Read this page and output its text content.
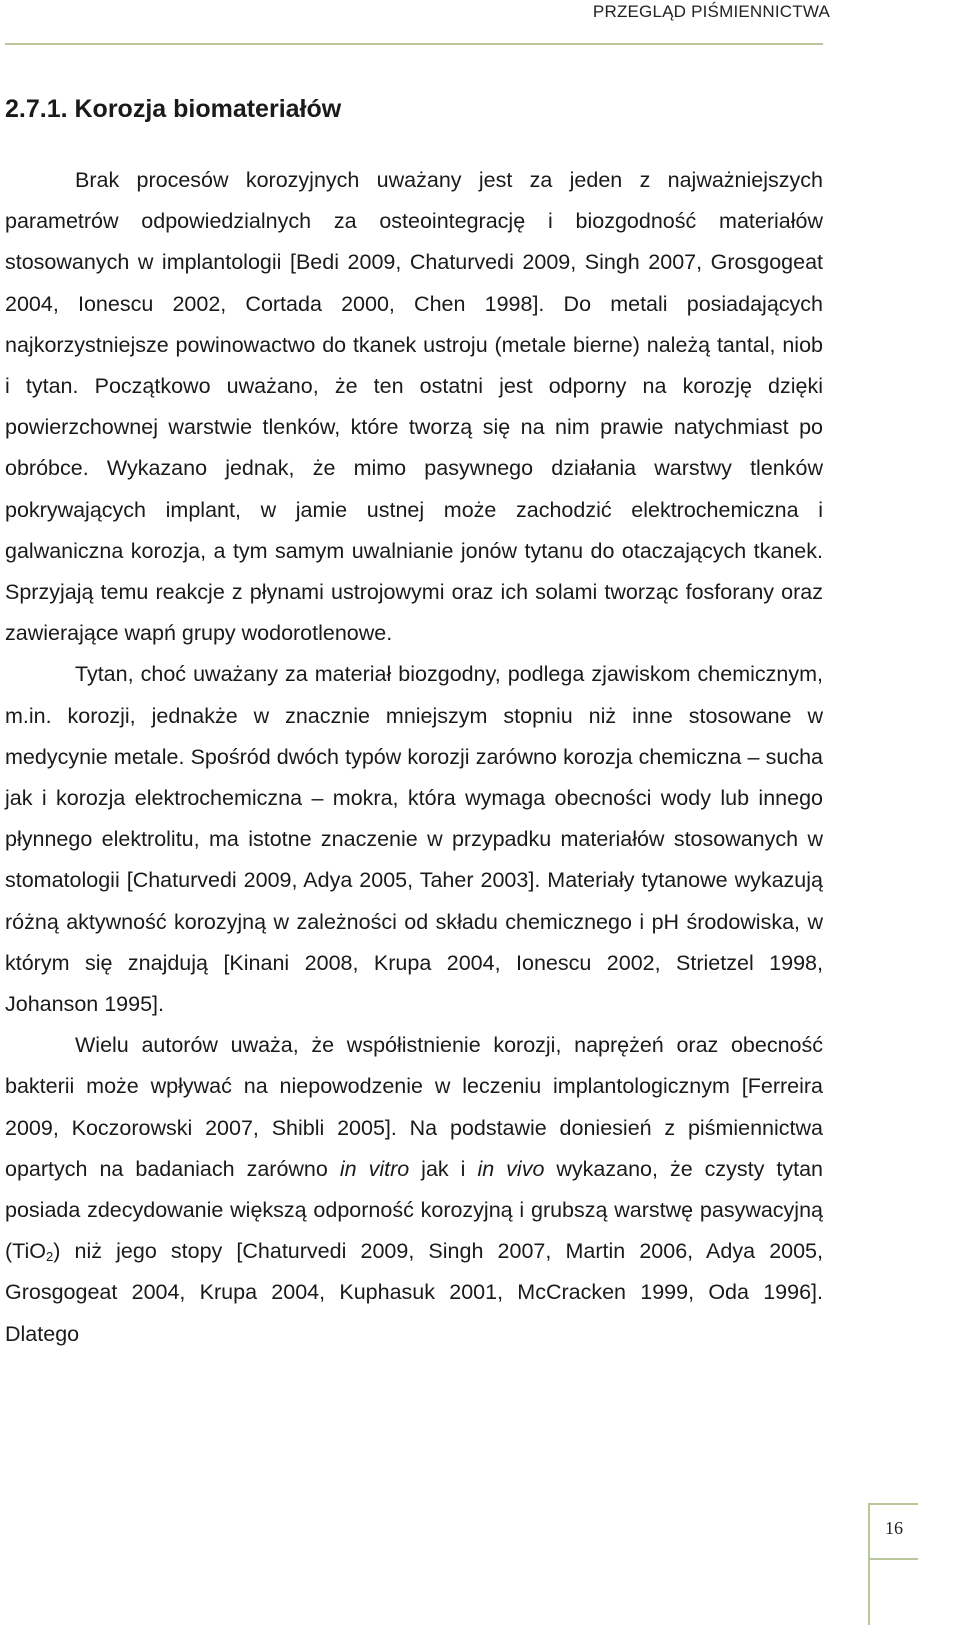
PRZEGLĄD PIŚMIENNICTWA
2.7.1. Korozja biomateriałów

Brak procesów korozyjnych uważany jest za jeden z najważniejszych parametrów odpowiedzialnych za osteointegrację i biozgodność materiałów stosowanych w implantologii [Bedi 2009, Chaturvedi 2009, Singh 2007, Grosgogeat 2004, Ionescu 2002, Cortada 2000, Chen 1998]. Do metali posiadających najkorzystniejsze powinowactwo do tkanek ustroju (metale bierne) należą tantal, niob i tytan. Początkowo uważano, że ten ostatni jest odporny na korozję dzięki powierzchownej warstwie tlenków, które tworzą się na nim prawie natychmiast po obróbce. Wykazano jednak, że mimo pasywnego działania warstwy tlenków pokrywających implant, w jamie ustnej może zachodzić elektrochemiczna i galwaniczna korozja, a tym samym uwalnianie jonów tytanu do otaczających tkanek. Sprzyjają temu reakcje z płynami ustrojowymi oraz ich solami tworząc fosforany oraz zawierające wapń grupy wodorotlenowe.

Tytan, choć uważany za materiał biozgodny, podlega zjawiskom chemicznym, m.in. korozji, jednakże w znacznie mniejszym stopniu niż inne stosowane w medycynie metale. Spośród dwóch typów korozji zarówno korozja chemiczna – sucha jak i korozja elektrochemiczna – mokra, która wymaga obecności wody lub innego płynnego elektrolitu, ma istotne znaczenie w przypadku materiałów stosowanych w stomatologii [Chaturvedi 2009, Adya 2005, Taher 2003]. Materiały tytanowe wykazują różną aktywność korozyjną w zależności od składu chemicznego i pH środowiska, w którym się znajdują [Kinani 2008, Krupa 2004, Ionescu 2002, Strietzel 1998, Johanson 1995].

Wielu autorów uważa, że współistnienie korozji, naprężeń oraz obecność bakterii może wpływać na niepowodzenie w leczeniu implantologicznym [Ferreira 2009, Koczorowski 2007, Shibli 2005]. Na podstawie doniesień z piśmiennictwa opartych na badaniach zarówno in vitro jak i in vivo wykazano, że czysty tytan posiada zdecydowanie większą odporność korozyjną i grubszą warstwę pasywacyjną (TiO$_2$) niż jego stopy [Chaturvedi 2009, Singh 2007, Martin 2006, Adya 2005, Grosgogeat 2004, Krupa 2004, Kuphasuk 2001, McCracken 1999, Oda 1996]. Dlatego

16
